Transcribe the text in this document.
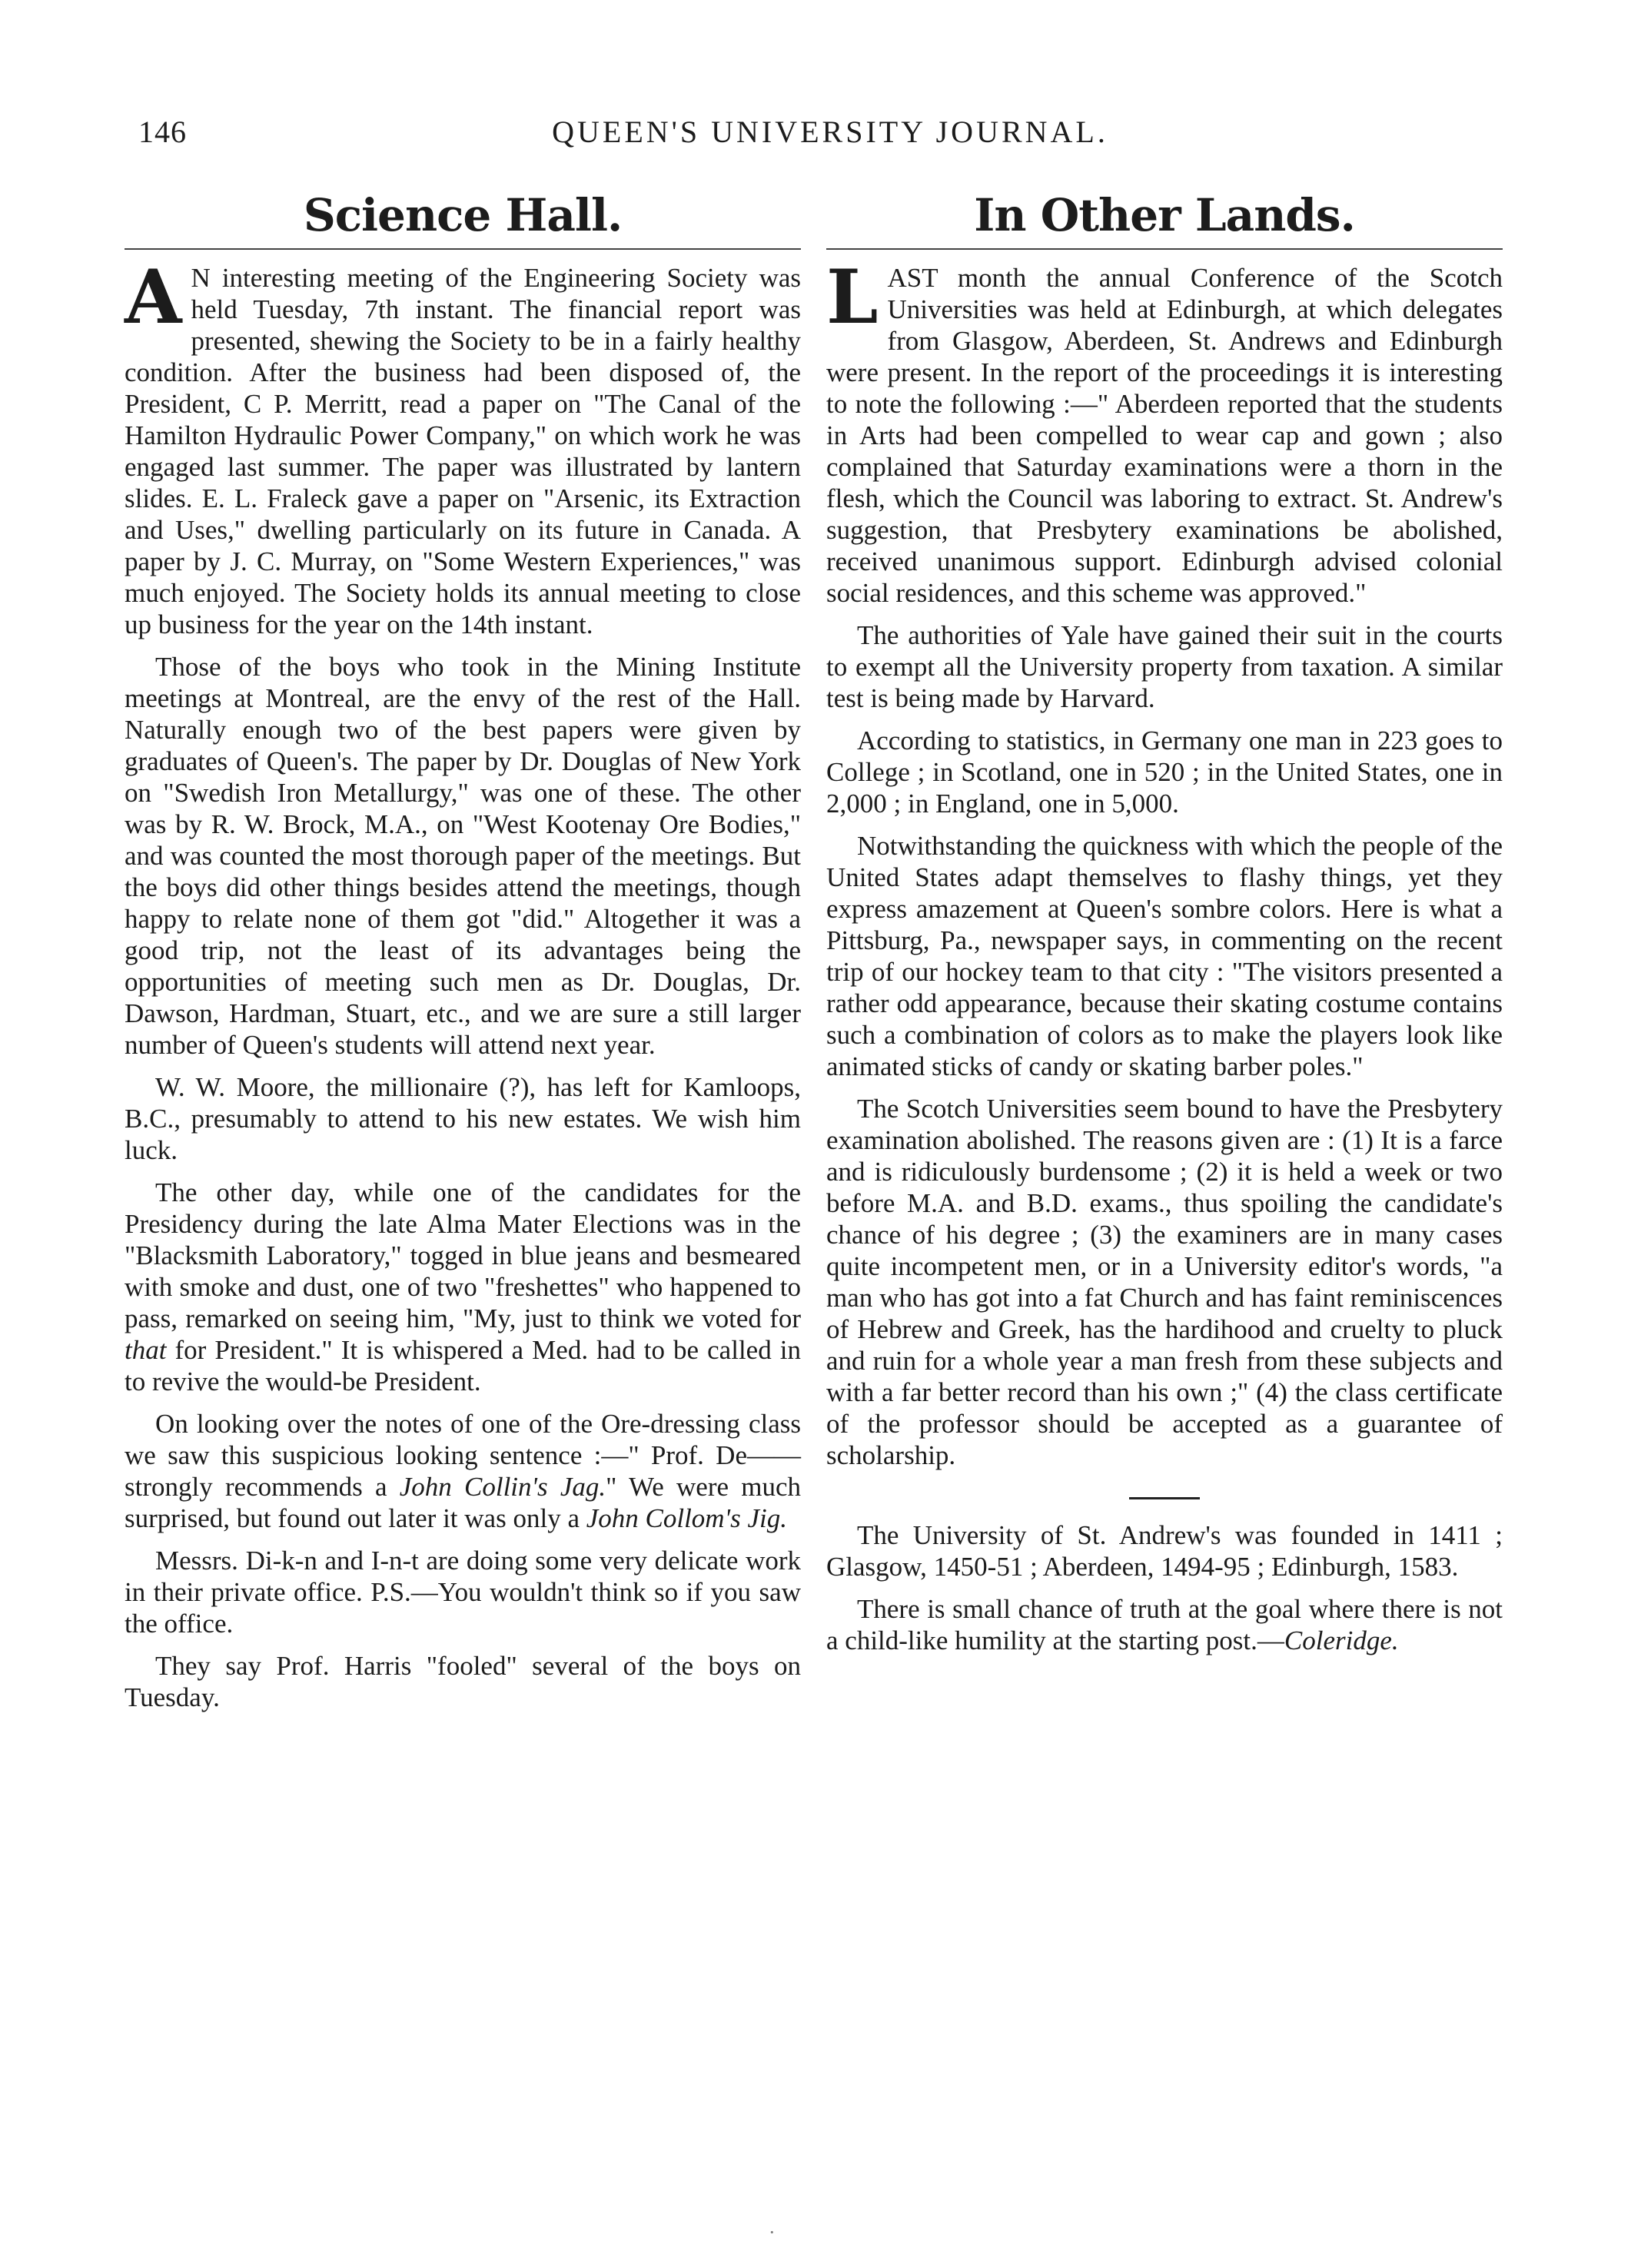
146	QUEEN'S UNIVERSITY JOURNAL.
Science Hall.

A N interesting meeting of the Engineering Society was held Tuesday, 7th instant. The financial report was presented, shewing the Society to be in a fairly healthy condition. After the business had been disposed of, the President, C P. Merritt, read a paper on "The Canal of the Hamilton Hydraulic Power Company," on which work he was engaged last summer. The paper was illustrated by lantern slides. E. L. Fraleck gave a paper on "Arsenic, its Extraction and Uses," dwelling particularly on its future in Canada. A paper by J. C. Murray, on "Some Western Experiences," was much enjoyed. The Society holds its annual meeting to close up business for the year on the 14th instant.

Those of the boys who took in the Mining Institute meetings at Montreal, are the envy of the rest of the Hall. Naturally enough two of the best papers were given by graduates of Queen's. The paper by Dr. Douglas of New York on "Swedish Iron Metallurgy," was one of these. The other was by R. W. Brock, M.A., on "West Kootenay Ore Bodies," and was counted the most thorough paper of the meetings. But the boys did other things besides attend the meetings, though happy to relate none of them got "did." Altogether it was a good trip, not the least of its advantages being the opportunities of meeting such men as Dr. Douglas, Dr. Dawson, Hardman, Stuart, etc., and we are sure a still larger number of Queen's students will attend next year.

W. W. Moore, the millionaire (?), has left for Kamloops, B.C., presumably to attend to his new estates. We wish him luck.

The other day, while one of the candidates for the Presidency during the late Alma Mater Elections was in the "Blacksmith Laboratory," togged in blue jeans and besmeared with smoke and dust, one of two "freshettes" who happened to pass, remarked on seeing him, "My, just to think we voted for that for President." It is whispered a Med. had to be called in to revive the would-be President.

On looking over the notes of one of the Ore-dressing class we saw this suspicious looking sentence :—" Prof. De—— strongly recommends a John Collin's Jag." We were much surprised, but found out later it was only a John Collom's Jig.

Messrs. Di-k-n and I-n-t are doing some very delicate work in their private office. P.S.—You wouldn't think so if you saw the office.

They say Prof. Harris "fooled" several of the boys on Tuesday.

In Other Lands.

LAST month the annual Conference of the Scotch Universities was held at Edinburgh, at which delegates from Glasgow, Aberdeen, St. Andrews and Edinburgh were present. In the report of the proceedings it is interesting to note the following :—" Aberdeen reported that the students in Arts had been compelled to wear cap and gown ; also complained that Saturday examinations were a thorn in the flesh, which the Council was laboring to extract. St. Andrew's suggestion, that Presbytery examinations be abolished, received unanimous support. Edinburgh advised colonial social residences, and this scheme was approved."

The authorities of Yale have gained their suit in the courts to exempt all the University property from taxation. A similar test is being made by Harvard.

According to statistics, in Germany one man in 223 goes to College ; in Scotland, one in 520 ; in the United States, one in 2,000 ; in England, one in 5,000.

Notwithstanding the quickness with which the people of the United States adapt themselves to flashy things, yet they express amazement at Queen's sombre colors. Here is what a Pittsburg, Pa., newspaper says, in commenting on the recent trip of our hockey team to that city : "The visitors presented a rather odd appearance, because their skating costume contains such a combination of colors as to make the players look like animated sticks of candy or skating barber poles."

The Scotch Universities seem bound to have the Presbytery examination abolished. The reasons given are : (1) It is a farce and is ridiculously burdensome ; (2) it is held a week or two before M.A. and B.D. exams., thus spoiling the candidate's chance of his degree ; (3) the examiners are in many cases quite incompetent men, or in a University editor's words, "a man who has got into a fat Church and has faint reminiscences of Hebrew and Greek, has the hardihood and cruelty to pluck and ruin for a whole year a man fresh from these subjects and with a far better record than his own ;" (4) the class certificate of the professor should be accepted as a guarantee of scholarship.

The University of St. Andrew's was founded in 1411 ; Glasgow, 1450-51 ; Aberdeen, 1494-95 ; Edinburgh, 1583.

There is small chance of truth at the goal where there is not a child-like humility at the starting post.—Coleridge.

·
